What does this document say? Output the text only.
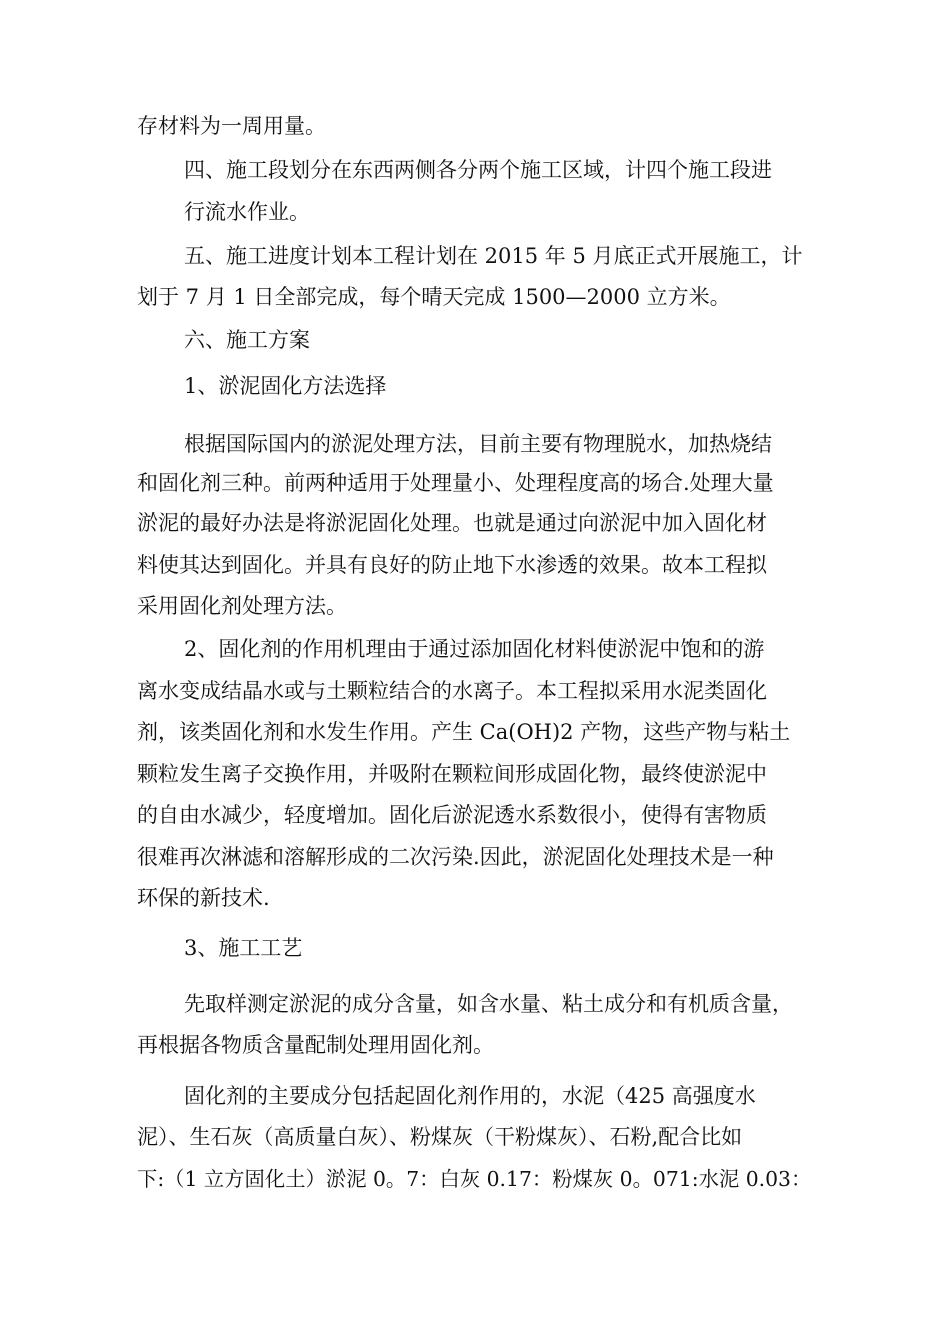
存材料为一周用量。

四、施工段划分在东西两侧各分两个施工区域，计四个施工段进

行流水作业。

五、施工进度计划本工程计划在 2015 年 5 月底正式开展施工，计

划于 7 月 1 日全部完成，每个晴天完成 1500—2000 立方米。

六、施工方案

1、淤泥固化方法选择

根据国际国内的淤泥处理方法，目前主要有物理脱水，加热烧结

和固化剂三种。前两种适用于处理量小、处理程度高的场合.处理大量

淤泥的最好办法是将淤泥固化处理。也就是通过向淤泥中加入固化材

料使其达到固化。并具有良好的防止地下水渗透的效果。故本工程拟

采用固化剂处理方法。

2、固化剂的作用机理由于通过添加固化材料使淤泥中饱和的游

离水变成结晶水或与土颗粒结合的水离子。本工程拟采用水泥类固化

剂，该类固化剂和水发生作用。产生 Ca(OH)2 产物，这些产物与粘土

颗粒发生离子交换作用，并吸附在颗粒间形成固化物，最终使淤泥中

的自由水减少，轻度增加。固化后淤泥透水系数很小，使得有害物质

很难再次淋滤和溶解形成的二次污染.因此，淤泥固化处理技术是一种

环保的新技术.

3、施工工艺

先取样测定淤泥的成分含量，如含水量、粘土成分和有机质含量，

再根据各物质含量配制处理用固化剂。

固化剂的主要成分包括起固化剂作用的，水泥（425 高强度水

泥）、生石灰（高质量白灰）、粉煤灰（干粉煤灰）、石粉,配合比如

下:（1 立方固化土）淤泥 0。7：白灰 0.17：粉煤灰 0。071:水泥 0.03：
